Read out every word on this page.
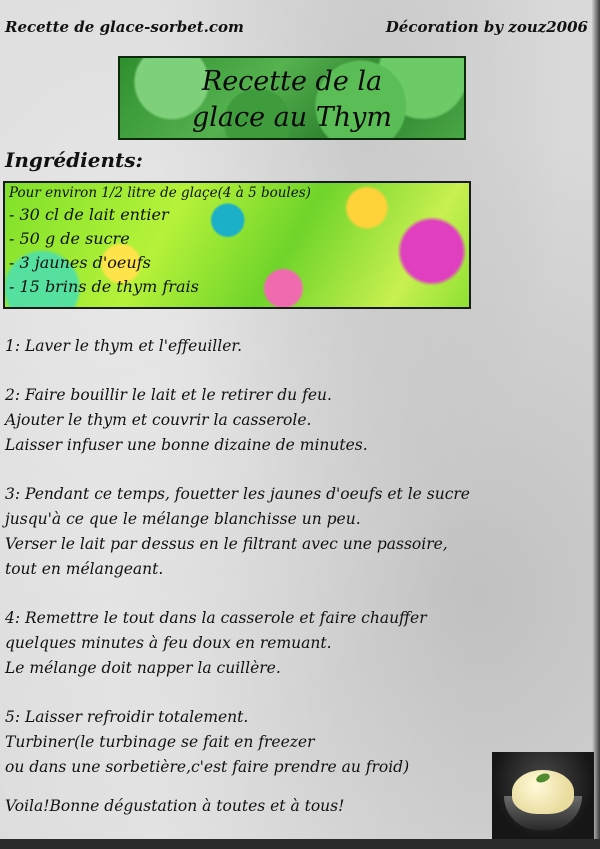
Recette de glace-sorbet.com	Décoration by zouz2006
Recette de la
glace au Thym
Ingrédients:
Pour environ 1/2 litre de glaçe(4 à 5 boules)
- 30 cl de lait entier
- 50 g de sucre
- 3 jaunes d'oeufs
- 15 brins de thym frais
1: Laver le thym et l'effeuiller.
2: Faire bouillir le lait et le retirer du feu.
Ajouter le thym et couvrir la casserole.
Laisser infuser une bonne dizaine de minutes.
3: Pendant ce temps, fouetter les jaunes d'oeufs et le sucre
jusqu'à ce que le mélange blanchisse un peu.
Verser le lait par dessus en le filtrant avec une passoire,
tout en mélangeant.
4: Remettre le tout dans la casserole et faire chauffer
quelques minutes à feu doux en remuant.
Le mélange doit napper la cuillère.
5: Laisser refroidir totalement.
Turbiner(le turbinage se fait en freezer
ou dans une sorbetière,c'est faire prendre au froid)
Voila!Bonne dégustation à toutes et à tous!
